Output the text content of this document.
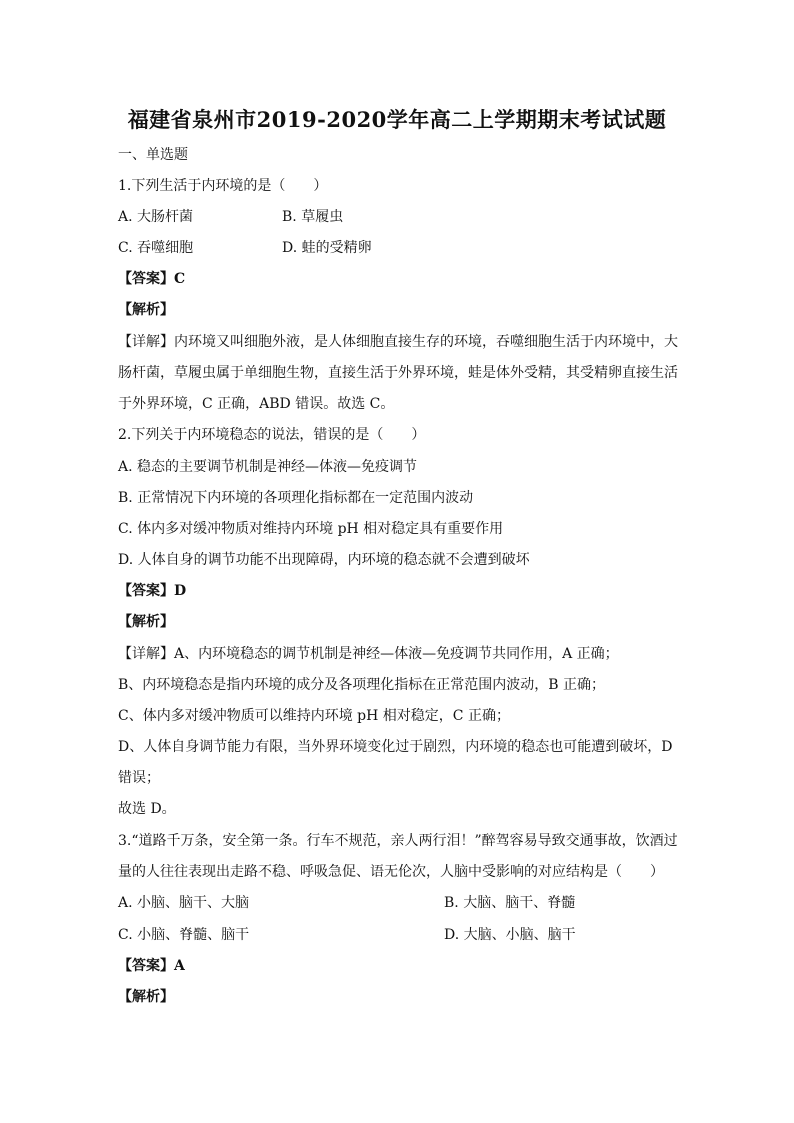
福建省泉州市2019-2020学年高二上学期期末考试试题
一、单选题
1.下列生活于内环境的是（　　）
A. 大肠杆菌	B. 草履虫
C. 吞噬细胞	D. 蛙的受精卵
【答案】C
【解析】
【详解】内环境又叫细胞外液，是人体细胞直接生存的环境，吞噬细胞生活于内环境中，大
肠杆菌，草履虫属于单细胞生物，直接生活于外界环境，蛙是体外受精，其受精卵直接生活
于外界环境，C 正确，ABD 错误。故选 C。
2.下列关于内环境稳态的说法，错误的是（　　）
A. 稳态的主要调节机制是神经—体液—免疫调节
B. 正常情况下内环境的各项理化指标都在一定范围内波动
C. 体内多对缓冲物质对维持内环境 pH 相对稳定具有重要作用
D. 人体自身的调节功能不出现障碍，内环境的稳态就不会遭到破坏
【答案】D
【解析】
【详解】A、内环境稳态的调节机制是神经—体液—免疫调节共同作用，A 正确；
B、内环境稳态是指内环境的成分及各项理化指标在正常范围内波动，B 正确；
C、体内多对缓冲物质可以维持内环境 pH 相对稳定，C 正确；
D、人体自身调节能力有限，当外界环境变化过于剧烈，内环境的稳态也可能遭到破坏，D
错误；
故选 D。
3.“道路千万条，安全第一条。行车不规范，亲人两行泪！”醉驾容易导致交通事故，饮酒过
量的人往往表现出走路不稳、呼吸急促、语无伦次，人脑中受影响的对应结构是（　　）
A. 小脑、脑干、大脑	B. 大脑、脑干、脊髓
C. 小脑、脊髓、脑干	D. 大脑、小脑、脑干
【答案】A
【解析】
